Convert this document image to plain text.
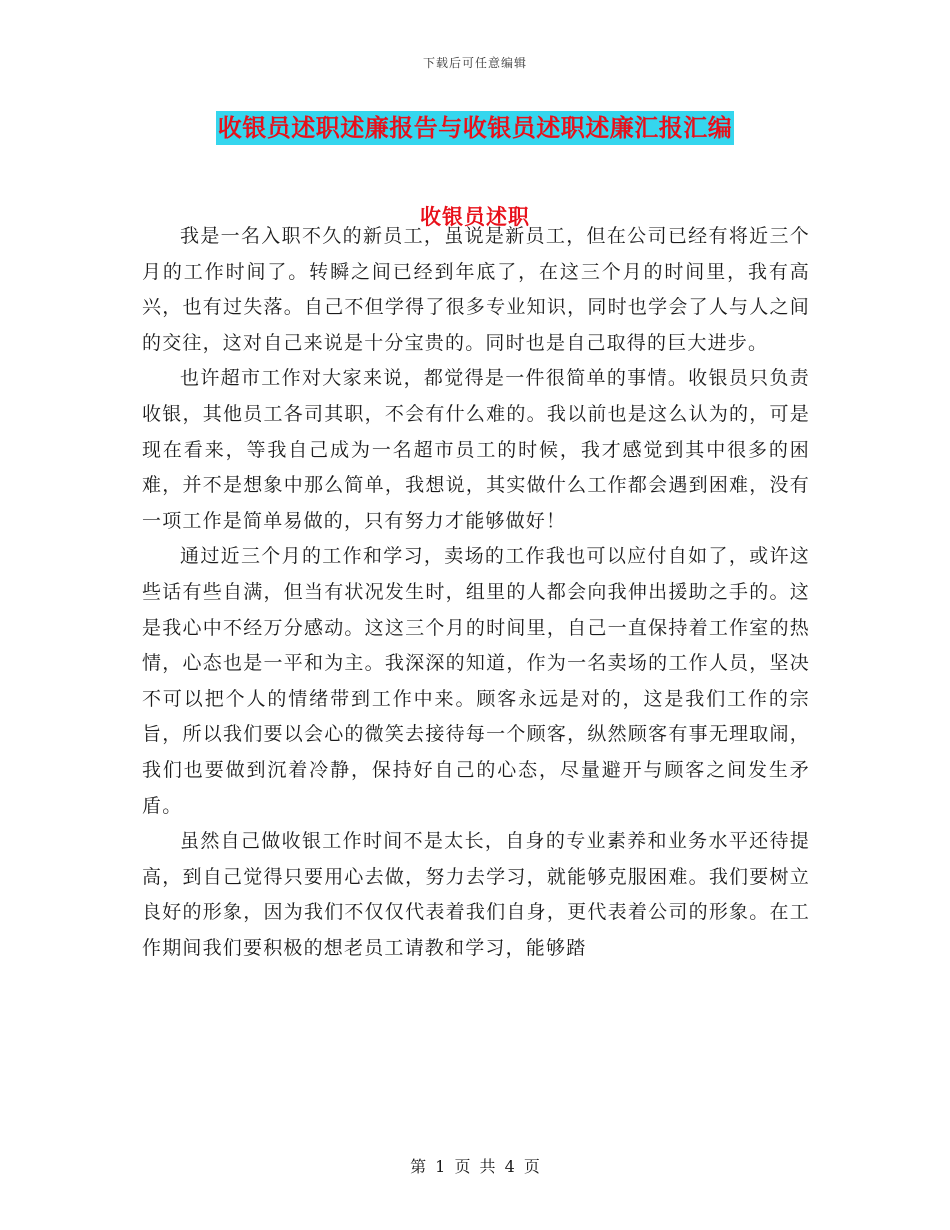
下载后可任意编辑
收银员述职述廉报告与收银员述职述廉汇报汇编
收银员述职

我是一名入职不久的新员工，虽说是新员工，但在公司已经有将近三个月的工作时间了。转瞬之间已经到年底了，在这三个月的时间里，我有高兴，也有过失落。自己不但学得了很多专业知识，同时也学会了人与人之间的交往，这对自己来说是十分宝贵的。同时也是自己取得的巨大进步。

也许超市工作对大家来说，都觉得是一件很简单的事情。收银员只负责收银，其他员工各司其职，不会有什么难的。我以前也是这么认为的，可是现在看来，等我自己成为一名超市员工的时候，我才感觉到其中很多的困难，并不是想象中那么简单，我想说，其实做什么工作都会遇到困难，没有一项工作是简单易做的，只有努力才能够做好！

通过近三个月的工作和学习，卖场的工作我也可以应付自如了，或许这些话有些自满，但当有状况发生时，组里的人都会向我伸出援助之手的。这是我心中不经万分感动。这这三个月的时间里，自己一直保持着工作室的热情，心态也是一平和为主。我深深的知道，作为一名卖场的工作人员，坚决不可以把个人的情绪带到工作中来。顾客永远是对的，这是我们工作的宗旨，所以我们要以会心的微笑去接待每一个顾客，纵然顾客有事无理取闹，我们也要做到沉着冷静，保持好自己的心态，尽量避开与顾客之间发生矛盾。

虽然自己做收银工作时间不是太长，自身的专业素养和业务水平还待提高，到自己觉得只要用心去做，努力去学习，就能够克服困难。我们要树立良好的形象，因为我们不仅仅代表着我们自身，更代表着公司的形象。在工作期间我们要积极的想老员工请教和学习，能够踏

第 1 页 共 4 页
